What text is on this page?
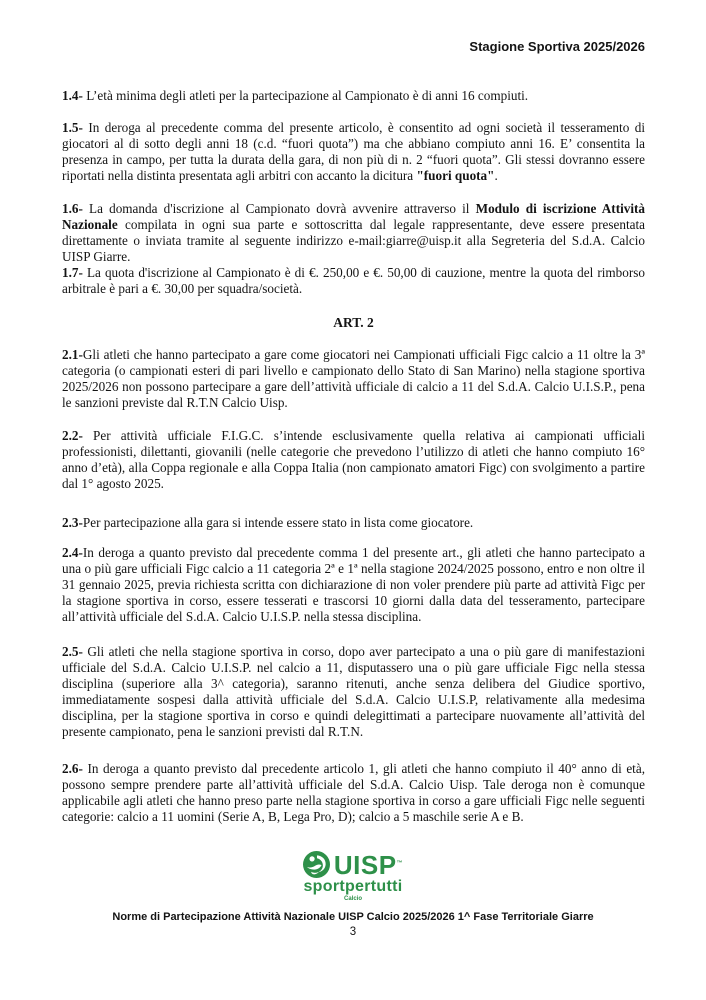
Stagione Sportiva 2025/2026

1.4- L’età minima degli atleti per la partecipazione al Campionato è di anni 16 compiuti.

1.5- In deroga al precedente comma del presente articolo, è consentito ad ogni società il tesseramento di giocatori al di sotto degli anni 18 (c.d. “fuori quota”) ma che abbiano compiuto anni 16. E’ consentita la presenza in campo, per tutta la durata della gara, di non più di n. 2 “fuori quota”. Gli stessi dovranno essere riportati nella distinta presentata agli arbitri con accanto la dicitura "fuori quota".

1.6- La domanda d'iscrizione al Campionato dovrà avvenire attraverso il Modulo di iscrizione Attività Nazionale compilata in ogni sua parte e sottoscritta dal legale rappresentante, deve essere presentata direttamente o inviata tramite al seguente indirizzo e-mail:giarre@uisp.it alla Segreteria del S.d.A. Calcio UISP Giarre.

1.7- La quota d'iscrizione al Campionato è di €. 250,00 e €. 50,00 di cauzione, mentre la quota del rimborso arbitrale è pari a €. 30,00 per squadra/società.

ART. 2

2.1-Gli atleti che hanno partecipato a gare come giocatori nei Campionati ufficiali Figc calcio a 11 oltre la 3ª categoria (o campionati esteri di pari livello e campionato dello Stato di San Marino) nella stagione sportiva 2025/2026 non possono partecipare a gare dell’attività ufficiale di calcio a 11 del S.d.A. Calcio U.I.S.P., pena le sanzioni previste dal R.T.N Calcio Uisp.

2.2- Per attività ufficiale F.I.G.C. s’intende esclusivamente quella relativa ai campionati ufficiali professionisti, dilettanti, giovanili (nelle categorie che prevedono l’utilizzo di atleti che hanno compiuto 16° anno d’età), alla Coppa regionale e alla Coppa Italia (non campionato amatori Figc) con svolgimento a partire dal 1° agosto 2025.

2.3-Per partecipazione alla gara si intende essere stato in lista come giocatore.

2.4-In deroga a quanto previsto dal precedente comma 1 del presente art., gli atleti che hanno partecipato a una o più gare ufficiali Figc calcio a 11 categoria 2ª e 1ª nella stagione 2024/2025 possono, entro e non oltre il 31 gennaio 2025, previa richiesta scritta con dichiarazione di non voler prendere più parte ad attività Figc per la stagione sportiva in corso, essere tesserati e trascorsi 10 giorni dalla data del tesseramento, partecipare all’attività ufficiale del S.d.A. Calcio U.I.S.P. nella stessa disciplina.

2.5- Gli atleti che nella stagione sportiva in corso, dopo aver partecipato a una o più gare di manifestazioni ufficiale del S.d.A. Calcio U.I.S.P. nel calcio a 11, disputassero una o più gare ufficiale Figc nella stessa disciplina (superiore alla 3^ categoria), saranno ritenuti, anche senza delibera del Giudice sportivo, immediatamente sospesi dalla attività ufficiale del S.d.A. Calcio U.I.S.P, relativamente alla medesima disciplina, per la stagione sportiva in corso e quindi delegittimati a partecipare nuovamente all’attività del presente campionato, pena le sanzioni previsti dal R.T.N.

2.6- In deroga a quanto previsto dal precedente articolo 1, gli atleti che hanno compiuto il 40° anno di età, possono sempre prendere parte all’attività ufficiale del S.d.A. Calcio Uisp. Tale deroga non è comunque applicabile agli atleti che hanno preso parte nella stagione sportiva in corso a gare ufficiali Figc nelle seguenti categorie: calcio a 11 uomini (Serie A, B, Lega Pro, D); calcio a 5 maschile serie A e B.

UISP™
sportpertutti
Calcio
Norme di Partecipazione Attività Nazionale UISP Calcio 2025/2026 1^ Fase Territoriale Giarre
3
